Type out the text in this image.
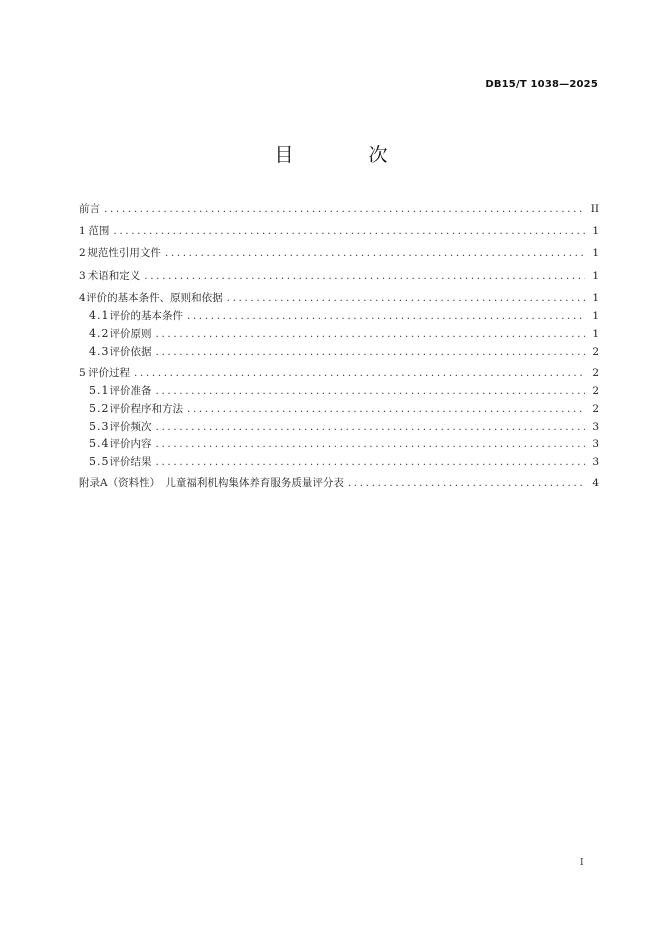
DB15/T 1038—2025
目　次
前言 .....	II
1 范围 .....	1
2 规范性引用文件 .....	1
3 术语和定义 .....	1
4 评价的基本条件、原则和依据 .....	1
4.1 评价的基本条件 .....	1
4.2 评价原则 .....	1
4.3 评价依据 .....	2
5 评价过程 .....	2
5.1 评价准备 .....	2
5.2 评价程序和方法 .....	2
5.3 评价频次 .....	3
5.4 评价内容 .....	3
5.5 评价结果 .....	3
附录A（资料性）　儿童福利机构集体养育服务质量评分表 .....	4
I
